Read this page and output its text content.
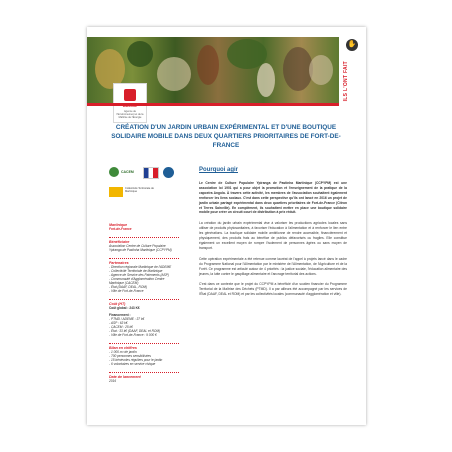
Agence de l'Environnement et de la Maîtrise de l'Énergie
✋
ILS L'ONT FAIT
CRÉATION D'UN JARDIN URBAIN EXPÉRIMENTAL ET D'UNE BOUTIQUE SOLIDAIRE MOBILE DANS DEUX QUARTIERS PRIORITAIRES DE FORT-DE-FRANCE
CACEM
Collectivité Territoriale de Martinique
Martinique
Fort-de-France
Bénéficiaire
Association Centre de Culture Populaire Ypiranga de Pastinha Martinique (CCPYPM)
Partenaires
- Direction régionale Martinique de l'ADEME
- Collectivité Territoriale de Martinique
- Agence de Service des Paiements (ASP)
- Communauté d'Agglomération Centre Martinique (CACEM)
- État (DAAF, DEAL, ROM)
- Ville de Fort-de-France
Coût (HT)
Coût global : 243 K€
Financement :
- PTMD / ADEME : 37 k€
- ASP : 63 k€
- CACEM : 25 k€
- État : 33 k€ (DAAF, DEAL et ROM)
- Ville de Fort-de-France : 9 000 €
Bilan en chiffres
- 1 000 m² de jardin
- 700 personnes sensibilisées
- 15 bénévoles réguliers pour le jardin
- 6 volontaires en service civique
Date de lancement
2016
Pourquoi agir

Le Centre de Culture Populaire Ypiranga de Pastinha Martinique (CCPYPM) est une association loi 1901 qui a pour objet la promotion et l'enseignement de la pratique de la capoeira Angola. À travers cette activité, les membres de l'association souhaitent également renforcer les liens sociaux. C'est dans cette perspective qu'ils ont lancé en 2016 un projet de jardin urbain partagé expérimental dans deux quartiers prioritaires de Fort-de-France (Citron et Terres Sainville). En complément, ils souhaitent mettre en place une boutique solidaire mobile pour créer un circuit court de distribution à prix réduit.

La création du jardin urbain expérimental vise à valoriser les productions agricoles locales sans utiliser de produits phytosanitaires, à favoriser l'éducation à l'alimentation et à renforcer le lien entre les générations. La boutique solidaire mobile ambitionne de rendre accessible, financièrement et physiquement, des produits frais au bénéfice de publics défavorisés ou fragiles. Elle constitue également un excellent moyen de rompre l'isolement de personnes âgées ou sans moyen de transport.

Cette opération expérimentale a été retenue comme lauréat de l'appel à projets lancé dans le cadre du Programme National pour l'Alimentation par le ministère de l'Alimentation, de l'Agriculture et de la Forêt. Ce programme est articulé autour de 4 priorités : la justice sociale, l'éducation alimentaire des jeunes, la lutte contre le gaspillage alimentaire et l'ancrage territorial des actions.

C'est dans ce contexte que le projet du CCPYPM a bénéficié d'un soutien financier du Programme Territorial de la Maîtrise des Déchets (PTMD). Il a par ailleurs été accompagné par les services de l'État (DAAF, DEAL et ROM) et par les collectivités locales (communauté d'agglomération et ville).
